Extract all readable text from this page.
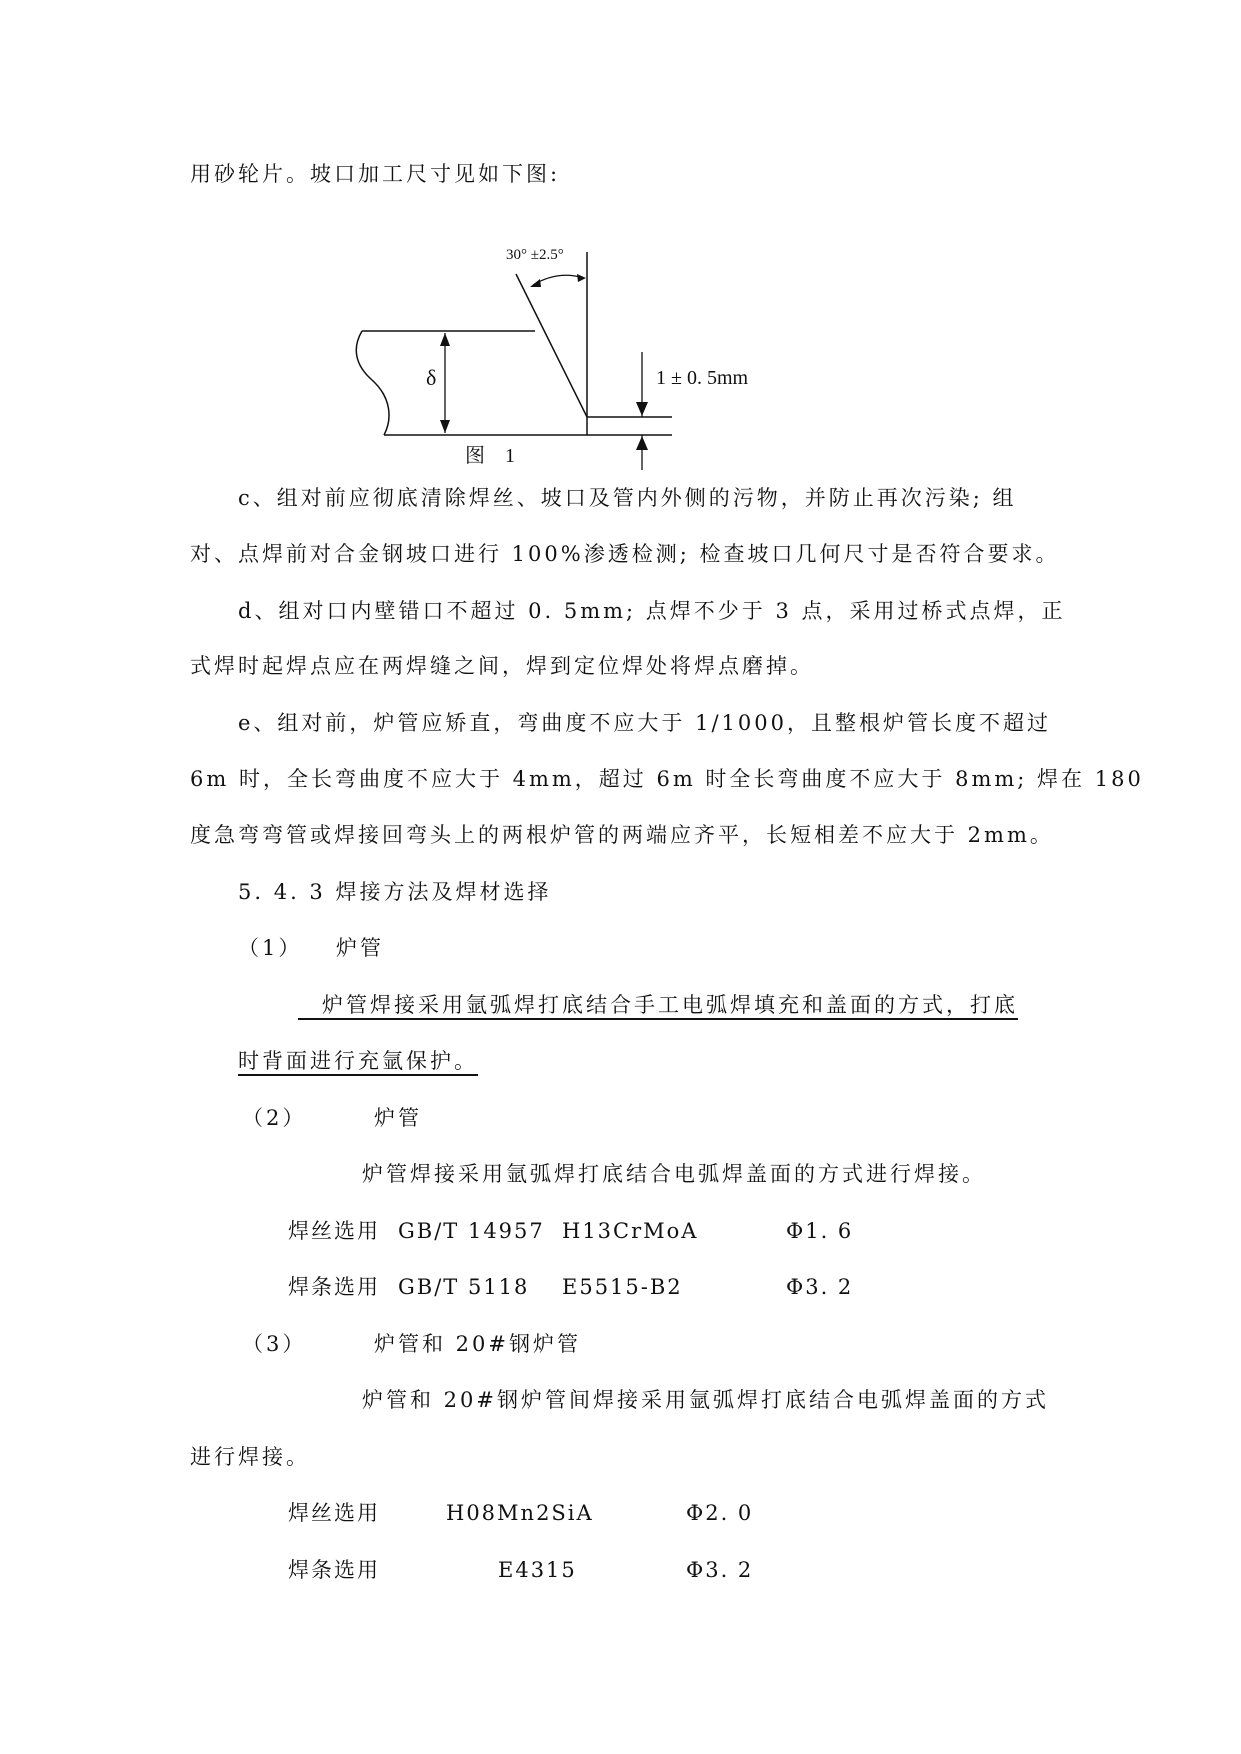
用砂轮片。坡口加工尺寸见如下图:
30° ±2.5°
δ	1 ± 0. 5mm
图　1
c、组对前应彻底清除焊丝、坡口及管内外侧的污物，并防止再次污染; 组
对、点焊前对合金钢坡口进行 100%渗透检测; 检查坡口几何尺寸是否符合要求。
d、组对口内壁错口不超过 0. 5mm; 点焊不少于 3 点，采用过桥式点焊，正
式焊时起焊点应在两焊缝之间，焊到定位焊处将焊点磨掉。
e、组对前，炉管应矫直，弯曲度不应大于 1/1000，且整根炉管长度不超过
6m 时，全长弯曲度不应大于 4mm，超过 6m 时全长弯曲度不应大于 8mm; 焊在 180
度急弯弯管或焊接回弯头上的两根炉管的两端应齐平，长短相差不应大于 2mm。
5. 4. 3 焊接方法及焊材选择
（1） 炉管
　炉管焊接采用氩弧焊打底结合手工电弧焊填充和盖面的方式，打底
时背面进行充氩保护。
（2）	炉管
炉管焊接采用氩弧焊打底结合电弧焊盖面的方式进行焊接。
焊丝选用 GB/T 14957 H13CrMoA	Φ1. 6
焊条选用 GB/T 5118 E5515-B2	Φ3. 2
（3）	炉管和 20#钢炉管
炉管和 20#钢炉管间焊接采用氩弧焊打底结合电弧焊盖面的方式
进行焊接。
焊丝选用	H08Mn2SiA	Φ2. 0
焊条选用	E4315	Φ3. 2
